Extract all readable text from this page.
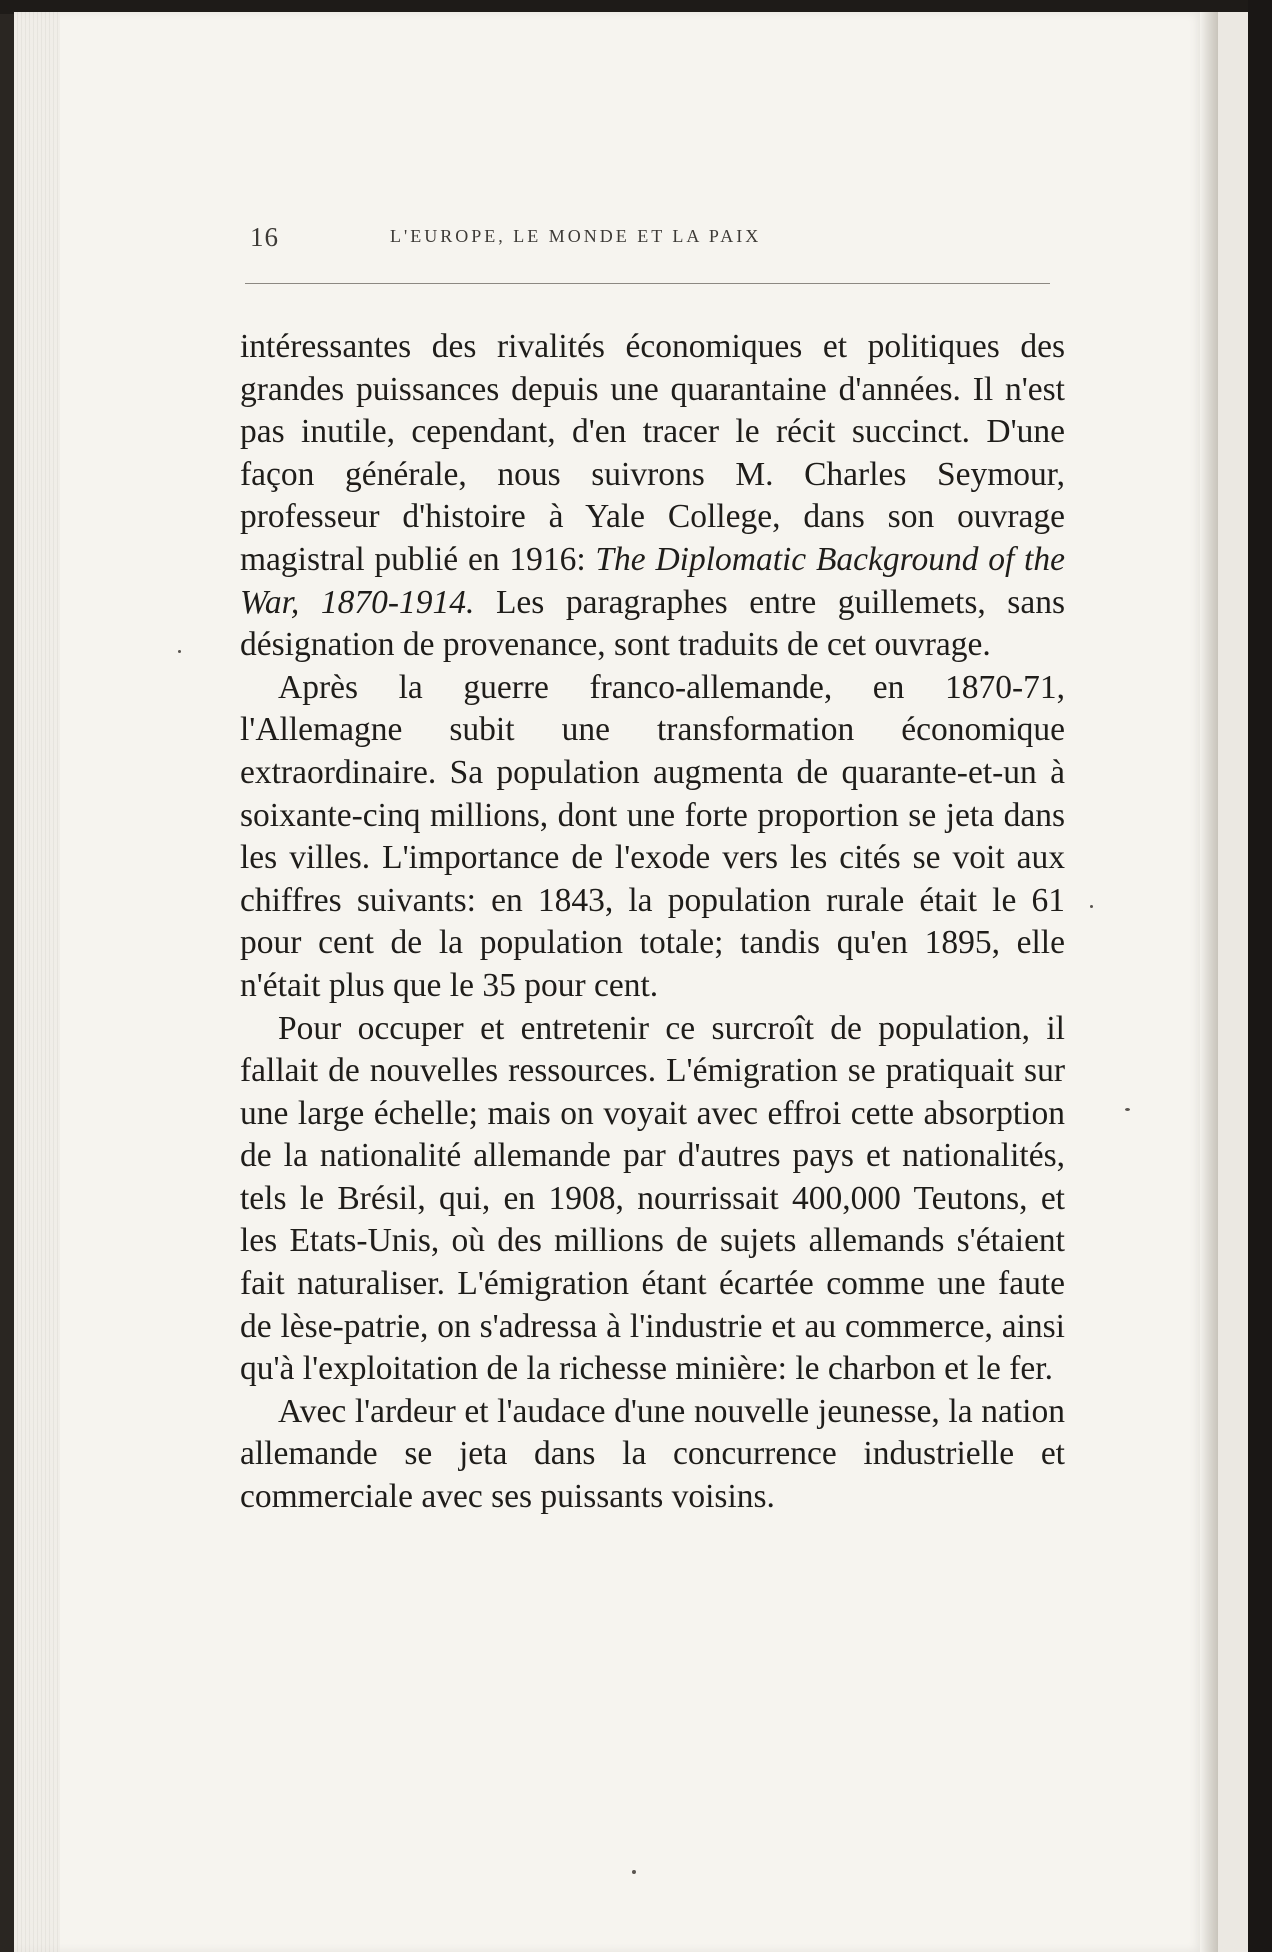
16	L'EUROPE, LE MONDE ET LA PAIX

intéressantes des rivalités économiques et politiques des grandes puissances depuis une quarantaine d'années. Il n'est pas inutile, cependant, d'en tracer le récit succinct. D'une façon générale, nous suivrons M. Charles Seymour, professeur d'histoire à Yale College, dans son ouvrage magistral publié en 1916: The Diplomatic Background of the War, 1870-1914. Les paragraphes entre guillemets, sans désignation de provenance, sont traduits de cet ouvrage.

Après la guerre franco-allemande, en 1870-71, l'Allemagne subit une transformation économique extraordinaire. Sa population augmenta de quarante-et-un à soixante-cinq millions, dont une forte proportion se jeta dans les villes. L'importance de l'exode vers les cités se voit aux chiffres suivants: en 1843, la population rurale était le 61 pour cent de la population totale; tandis qu'en 1895, elle n'était plus que le 35 pour cent.

Pour occuper et entretenir ce surcroît de population, il fallait de nouvelles ressources. L'émigration se pratiquait sur une large échelle; mais on voyait avec effroi cette absorption de la nationalité allemande par d'autres pays et nationalités, tels le Brésil, qui, en 1908, nourrissait 400,000 Teutons, et les Etats-Unis, où des millions de sujets allemands s'étaient fait naturaliser. L'émigration étant écartée comme une faute de lèse-patrie, on s'adressa à l'industrie et au commerce, ainsi qu'à l'exploitation de la richesse minière: le charbon et le fer.

Avec l'ardeur et l'audace d'une nouvelle jeunesse, la nation allemande se jeta dans la concurrence industrielle et commerciale avec ses puissants voisins.
